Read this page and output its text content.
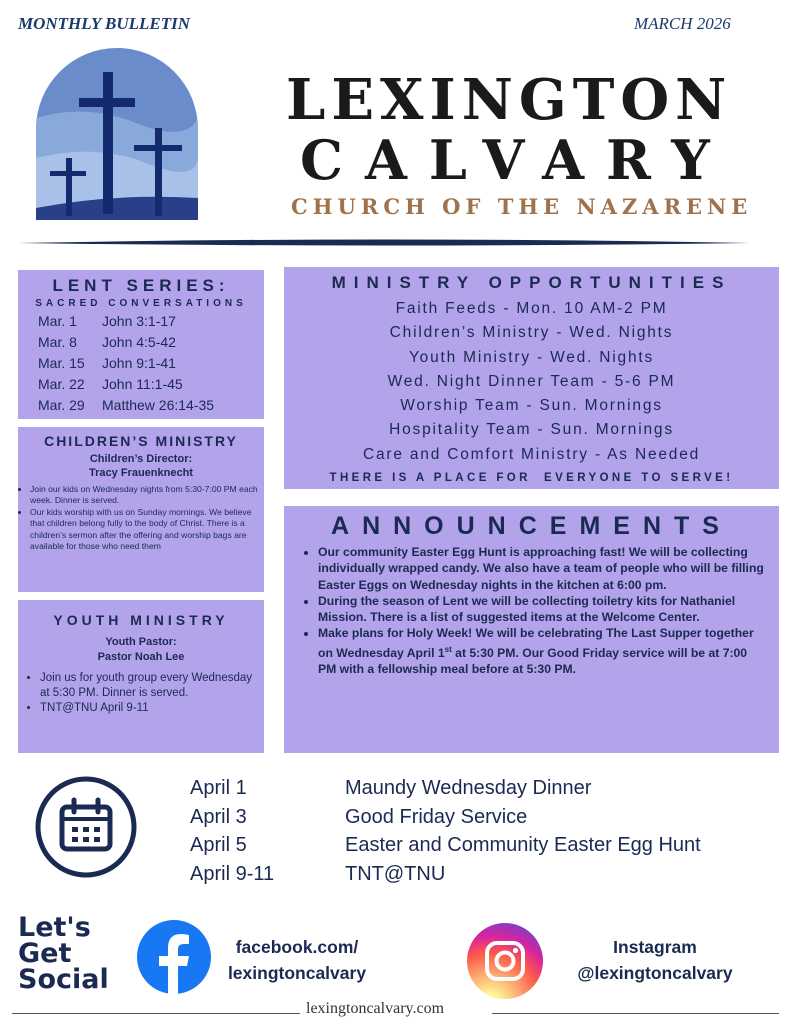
MONTHLY BULLETIN	MARCH 2026
LEXINGTON
CALVARY
CHURCH OF THE NAZARENE
LENT SERIES:
SACRED CONVERSATIONS
Mar. 1 John 3:1-17
Mar. 8 John 4:5-42
Mar. 15 John 9:1-41
Mar. 22 John 11:1-45
Mar. 29 Matthew 26:14-35
CHILDREN’S MINISTRY
Children’s Director:
Tracy Frauenknecht
• Join our kids on Wednesday nights from 5:30-7:00 PM each week. Dinner is served.
• Our kids worship with us on Sunday mornings. We believe that children belong fully to the body of Christ. There is a children’s sermon after the offering and worship bags are available for those who need them
YOUTH MINISTRY
Youth Pastor:
Pastor Noah Lee
• Join us for youth group every Wednesday at 5:30 PM. Dinner is served.
• TNT@TNU April 9-11
MINISTRY OPPORTUNITIES
Faith Feeds - Mon. 10 AM-2 PM
Children’s Ministry - Wed. Nights
Youth Ministry - Wed. Nights
Wed. Night Dinner Team - 5-6 PM
Worship Team - Sun. Mornings
Hospitality Team - Sun. Mornings
Care and Comfort Ministry - As Needed
THERE IS A PLACE FOR  EVERYONE TO SERVE!
ANNOUNCEMENTS
• Our community Easter Egg Hunt is approaching fast! We will be collecting individually wrapped candy. We also have a team of people who will be filling Easter Eggs on Wednesday nights in the kitchen at 6:00 pm.
• During the season of Lent we will be collecting toiletry kits for Nathaniel Mission. There is a list of suggested items at the Welcome Center.
• Make plans for Holy Week! We will be celebrating The Last Supper together on Wednesday April 1st at 5:30 PM. Our Good Friday service will be at 7:00 PM with a fellowship meal before at 5:30 PM.
April 1
April 3
April 5
April 9-11
Maundy Wednesday Dinner
Good Friday Service
Easter and Community Easter Egg Hunt
TNT@TNU
Let's
Get
Social
facebook.com/
lexingtoncalvary
Instagram
@lexingtoncalvary
lexingtoncalvary.com
